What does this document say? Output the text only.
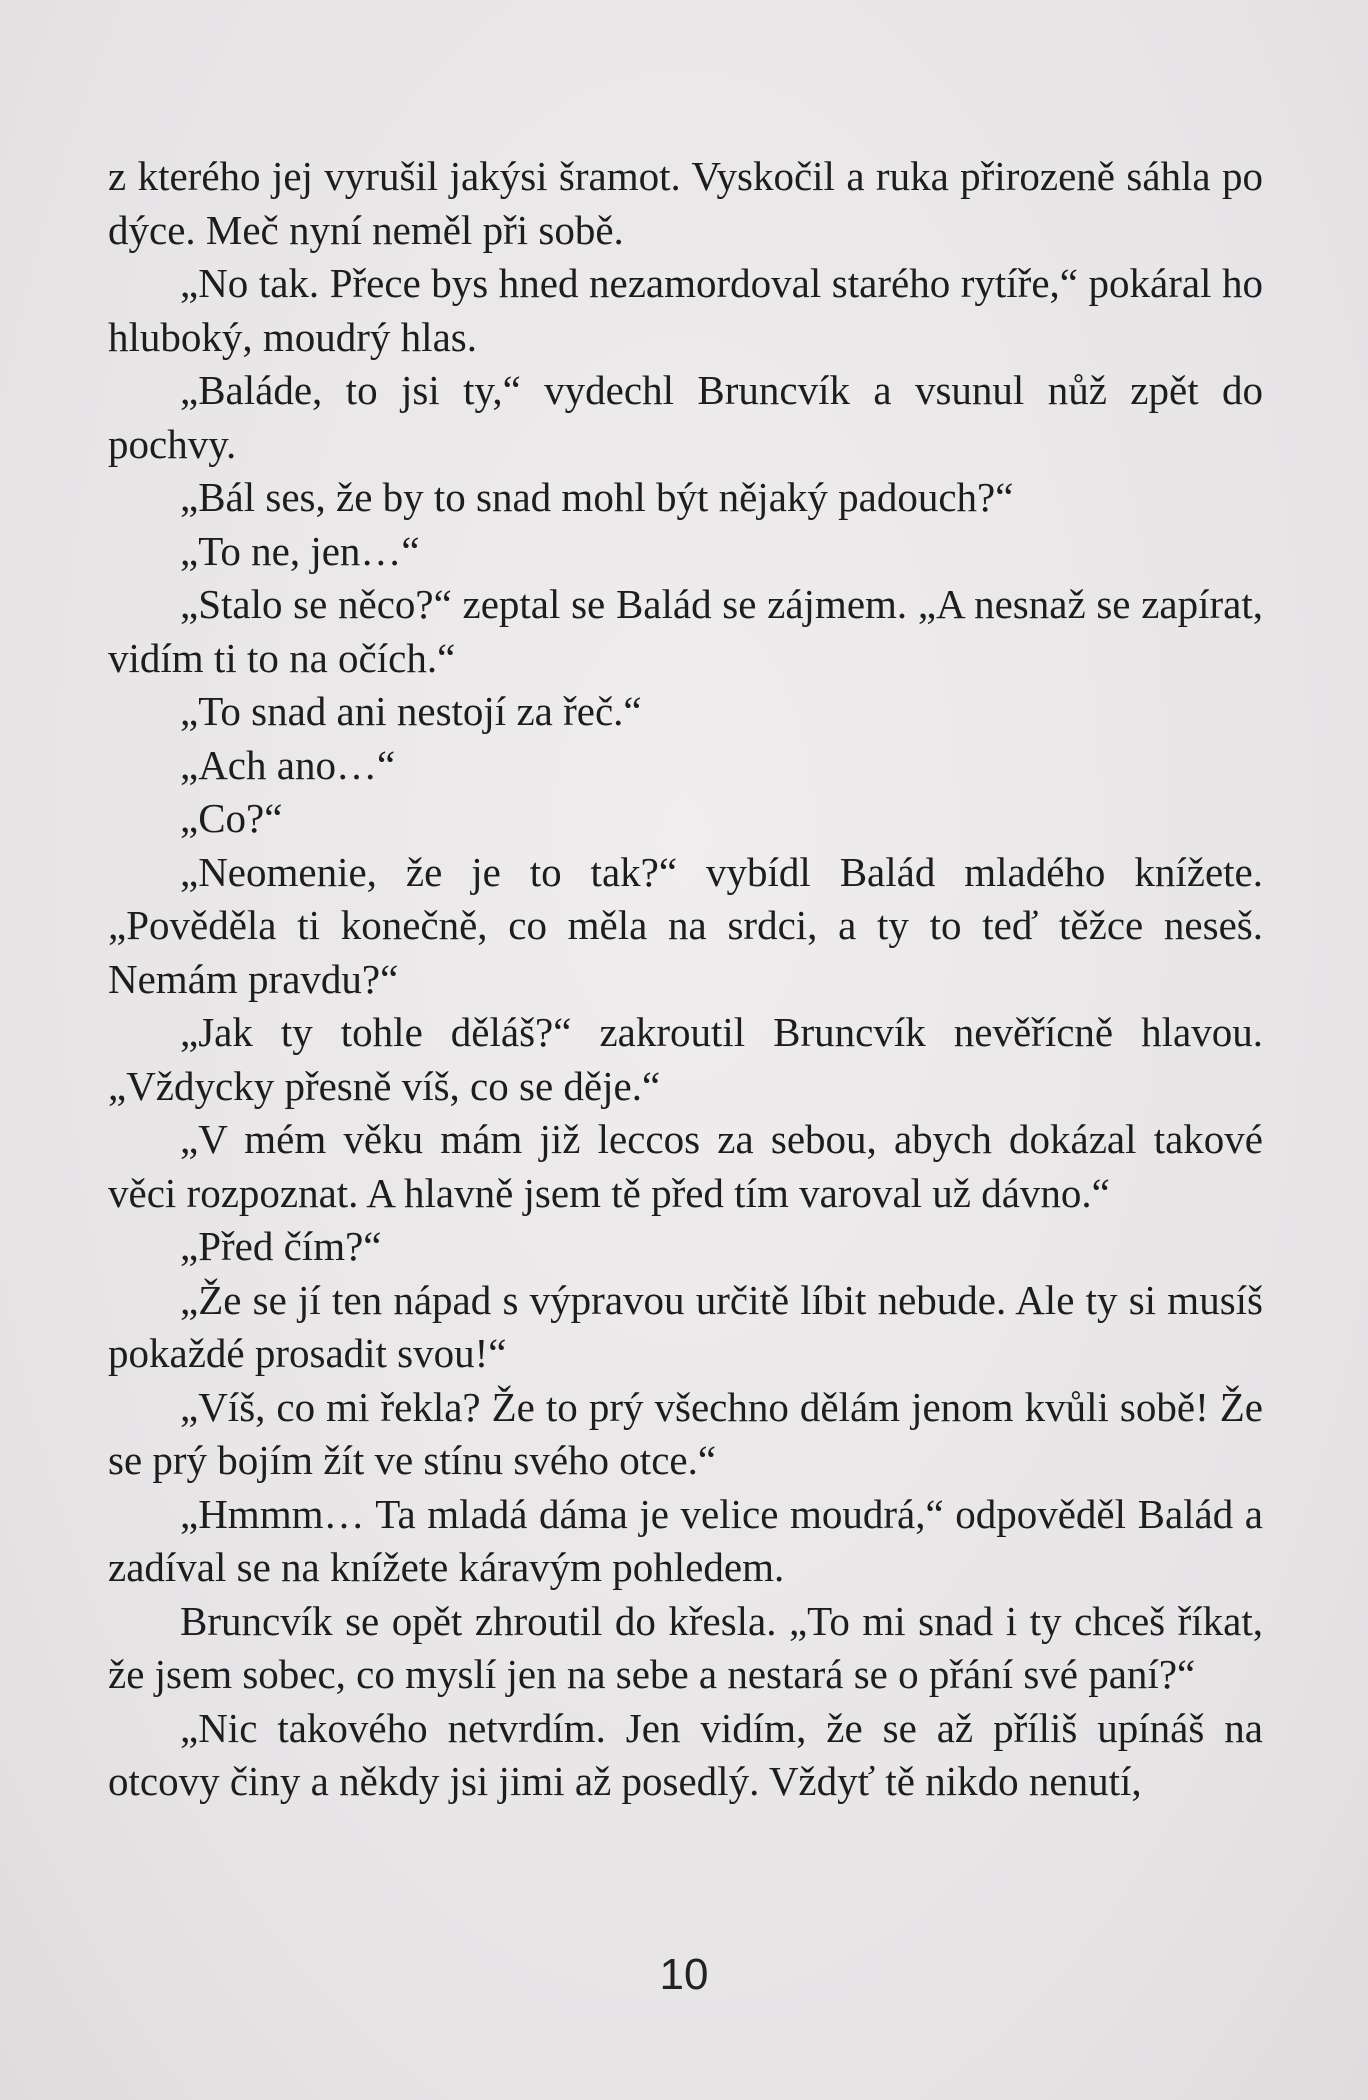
z kterého jej vyrušil jakýsi šramot. Vyskočil a ruka přirozeně sáhla po dýce. Meč nyní neměl při sobě.

„No tak. Přece bys hned nezamordoval starého rytíře,“ pokáral ho hluboký, moudrý hlas.

„Baláde, to jsi ty,“ vydechl Bruncvík a vsunul nůž zpět do pochvy.

„Bál ses, že by to snad mohl být nějaký padouch?“

„To ne, jen…“

„Stalo se něco?“ zeptal se Balád se zájmem. „A nesnaž se zapírat, vidím ti to na očích.“

„To snad ani nestojí za řeč.“

„Ach ano…“

„Co?“

„Neomenie, že je to tak?“ vybídl Balád mladého knížete. „Pověděla ti konečně, co měla na srdci, a ty to teď těžce neseš. Nemám pravdu?“

„Jak ty tohle děláš?“ zakroutil Bruncvík nevěřícně hlavou. „Vždycky přesně víš, co se děje.“

„V mém věku mám již leccos za sebou, abych dokázal takové věci rozpoznat. A hlavně jsem tě před tím varoval už dávno.“

„Před čím?“

„Že se jí ten nápad s výpravou určitě líbit nebude. Ale ty si musíš pokaždé prosadit svou!“

„Víš, co mi řekla? Že to prý všechno dělám jenom kvůli sobě! Že se prý bojím žít ve stínu svého otce.“

„Hmmm… Ta mladá dáma je velice moudrá,“ odpověděl Balád a zadíval se na knížete káravým pohledem.

Bruncvík se opět zhroutil do křesla. „To mi snad i ty chceš říkat, že jsem sobec, co myslí jen na sebe a nestará se o přání své paní?“

„Nic takového netvrdím. Jen vidím, že se až příliš upínáš na otcovy činy a někdy jsi jimi až posedlý. Vždyť tě nikdo nenutí,

10
